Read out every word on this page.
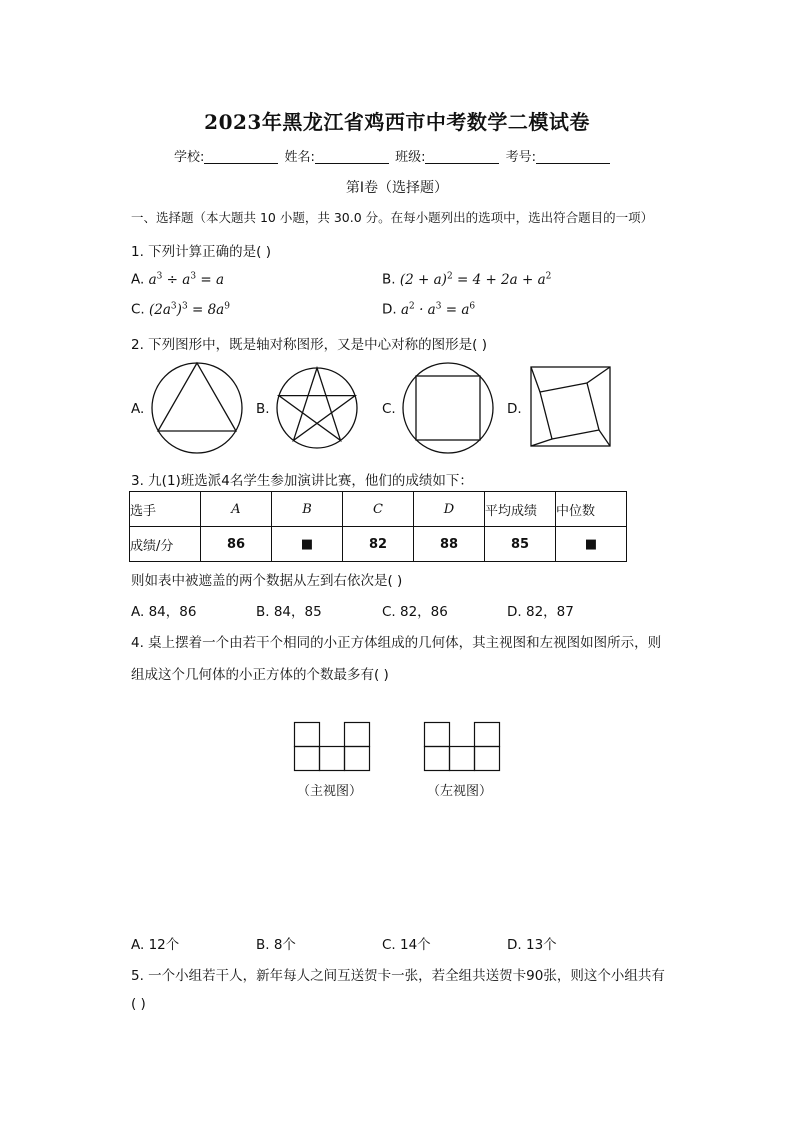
2023年黑龙江省鸡西市中考数学二模试卷
学校:	姓名:	班级:	考号:
第Ⅰ卷（选择题）
一、选择题（本大题共 10 小题，共 30.0 分。在每小题列出的选项中，选出符合题目的一项）
1. 下列计算正确的是( )
A. $a^3 \div a^3 = a$	B. $(2 + a)^2 = 4 + 2a + a^2$
C. $(2a^3)^3 = 8a^9$	D. $a^2 \cdot a^3 = a^6$
2. 下列图形中，既是轴对称图形，又是中心对称的图形是( )
A.	B.	C.	D.
3. 九(1)班选派4名学生参加演讲比赛，他们的成绩如下：
选手	A	B	C	D	平均成绩	中位数
成绩/分	86	■	82	88	85	■
则如表中被遮盖的两个数据从左到右依次是( )
A. 84，86	B. 84，85	C. 82，86	D. 82，87
4. 桌上摆着一个由若干个相同的小正方体组成的几何体，其主视图和左视图如图所示，则
组成这个几何体的小正方体的个数最多有( )
（主视图）	（左视图）
A. 12个	B. 8个	C. 14个	D. 13个
5. 一个小组若干人，新年每人之间互送贺卡一张，若全组共送贺卡90张，则这个小组共有
( )
